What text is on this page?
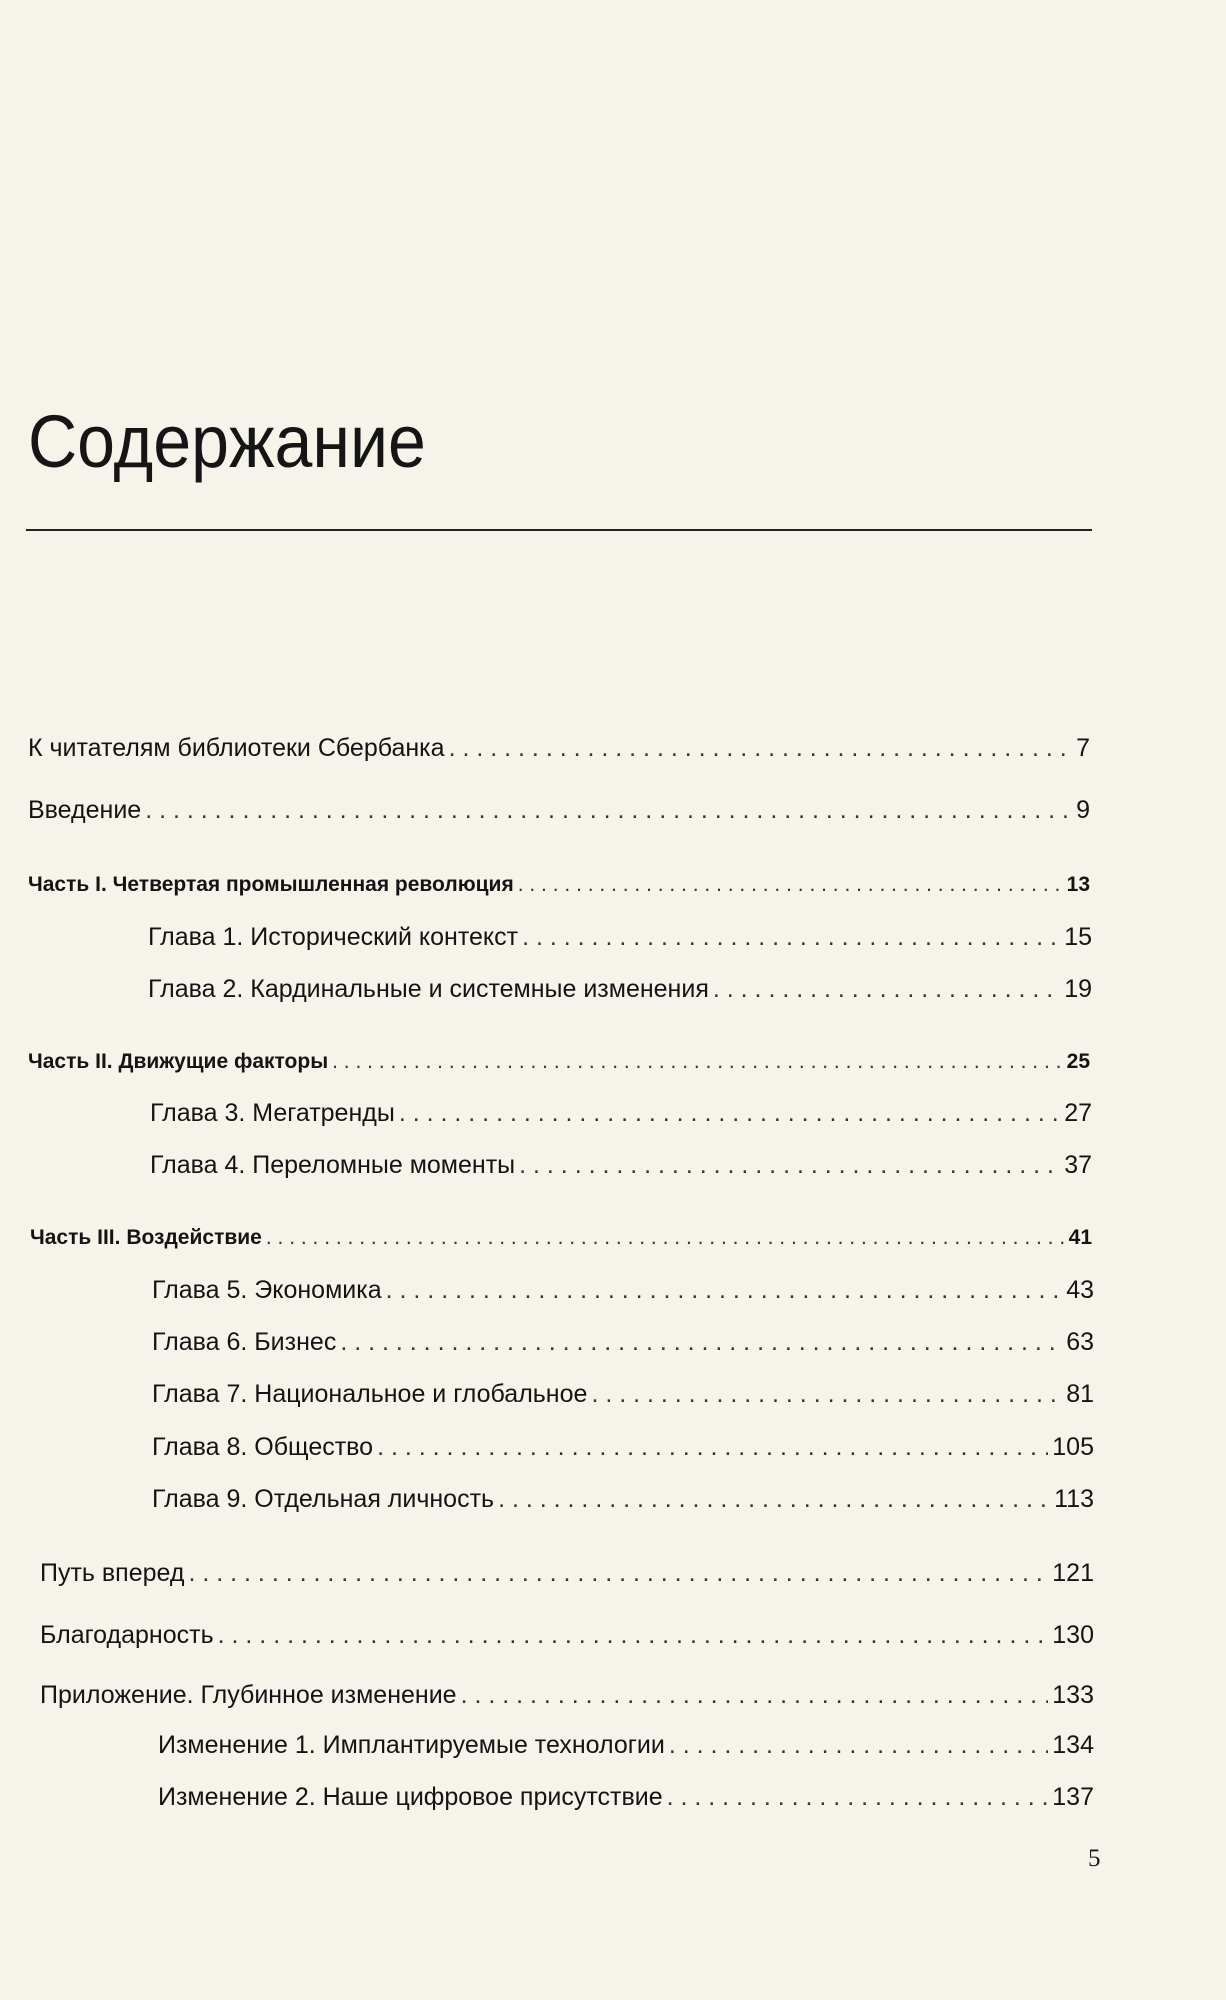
Содержание
К читателям библиотеки Сбербанка . . .	7
Введение . . .	9
Часть I. Четвертая промышленная революция . . .	13
Глава 1. Исторический контекст . . .	15
Глава 2. Кардинальные и системные изменения . . .	19
Часть II. Движущие факторы . . .	25
Глава 3. Мегатренды . . .	27
Глава 4. Переломные моменты . . .	37
Часть III. Воздействие . . .	41
Глава 5. Экономика . . .	43
Глава 6. Бизнес . . .	63
Глава 7. Национальное и глобальное . . .	81
Глава 8. Общество . . .	105
Глава 9. Отдельная личность . . .	113
Путь вперед . . .	121
Благодарность . . .	130
Приложение. Глубинное изменение . . .	133
Изменение 1. Имплантируемые технологии . . .	134
Изменение 2. Наше цифровое присутствие . . .	137
5
